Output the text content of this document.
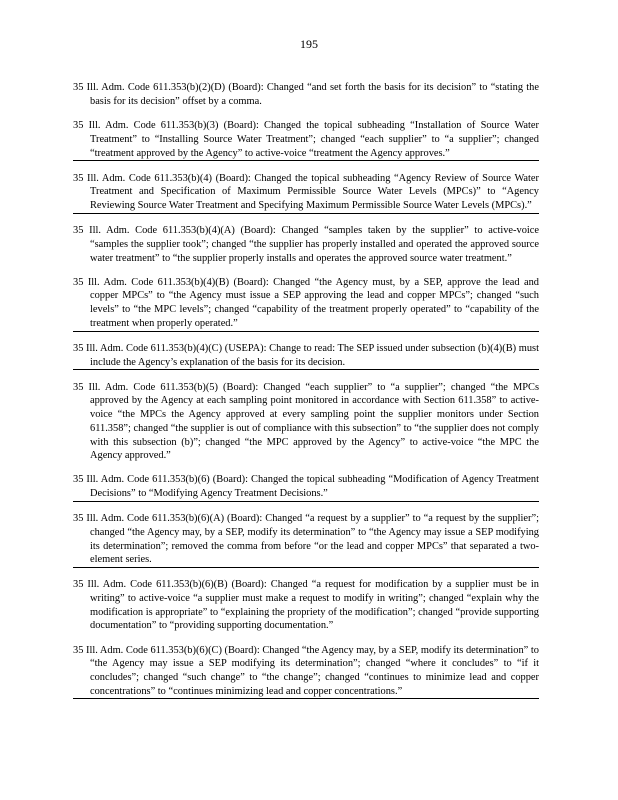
195

35 Ill. Adm. Code 611.353(b)(2)(D) (Board): Changed “and set forth the basis for its decision” to “stating the basis for its decision” offset by a comma.

35 Ill. Adm. Code 611.353(b)(3) (Board): Changed the topical subheading “Installation of Source Water Treatment” to “Installing Source Water Treatment”; changed “each supplier” to “a supplier”; changed “treatment approved by the Agency” to active-voice “treatment the Agency approves.”

35 Ill. Adm. Code 611.353(b)(4) (Board): Changed the topical subheading “Agency Review of Source Water Treatment and Specification of Maximum Permissible Source Water Levels (MPCs)” to “Agency Reviewing Source Water Treatment and Specifying Maximum Permissible Source Water Levels (MPCs).”

35 Ill. Adm. Code 611.353(b)(4)(A) (Board): Changed “samples taken by the supplier” to active-voice “samples the supplier took”; changed “the supplier has properly installed and operated the approved source water treatment” to “the supplier properly installs and operates the approved source water treatment.”

35 Ill. Adm. Code 611.353(b)(4)(B) (Board): Changed “the Agency must, by a SEP, approve the lead and copper MPCs” to “the Agency must issue a SEP approving the lead and copper MPCs”; changed “such levels” to “the MPC levels”; changed “capability of the treatment properly operated” to “capability of the treatment when properly operated.”

35 Ill. Adm. Code 611.353(b)(4)(C) (USEPA): Change to read: The SEP issued under subsection (b)(4)(B) must include the Agency’s explanation of the basis for its decision.

35 Ill. Adm. Code 611.353(b)(5) (Board): Changed “each supplier” to “a supplier”; changed “the MPCs approved by the Agency at each sampling point monitored in accordance with Section 611.358” to active-voice “the MPCs the Agency approved at every sampling point the supplier monitors under Section 611.358”; changed “the supplier is out of compliance with this subsection” to “the supplier does not comply with this subsection (b)”; changed “the MPC approved by the Agency” to active-voice “the MPC the Agency approved.”

35 Ill. Adm. Code 611.353(b)(6) (Board): Changed the topical subheading “Modification of Agency Treatment Decisions” to “Modifying Agency Treatment Decisions.”

35 Ill. Adm. Code 611.353(b)(6)(A) (Board): Changed “a request by a supplier” to “a request by the supplier”; changed “the Agency may, by a SEP, modify its determination” to “the Agency may issue a SEP modifying its determination”; removed the comma from before “or the lead and copper MPCs” that separated a two-element series.

35 Ill. Adm. Code 611.353(b)(6)(B) (Board): Changed “a request for modification by a supplier must be in writing” to active-voice “a supplier must make a request to modify in writing”; changed “explain why the modification is appropriate” to “explaining the propriety of the modification”; changed “provide supporting documentation” to “providing supporting documentation.”

35 Ill. Adm. Code 611.353(b)(6)(C) (Board): Changed “the Agency may, by a SEP, modify its determination” to “the Agency may issue a SEP modifying its determination”; changed “where it concludes” to “if it concludes”; changed “such change” to “the change”; changed “continues to minimize lead and copper concentrations” to “continues minimizing lead and copper concentrations.”
